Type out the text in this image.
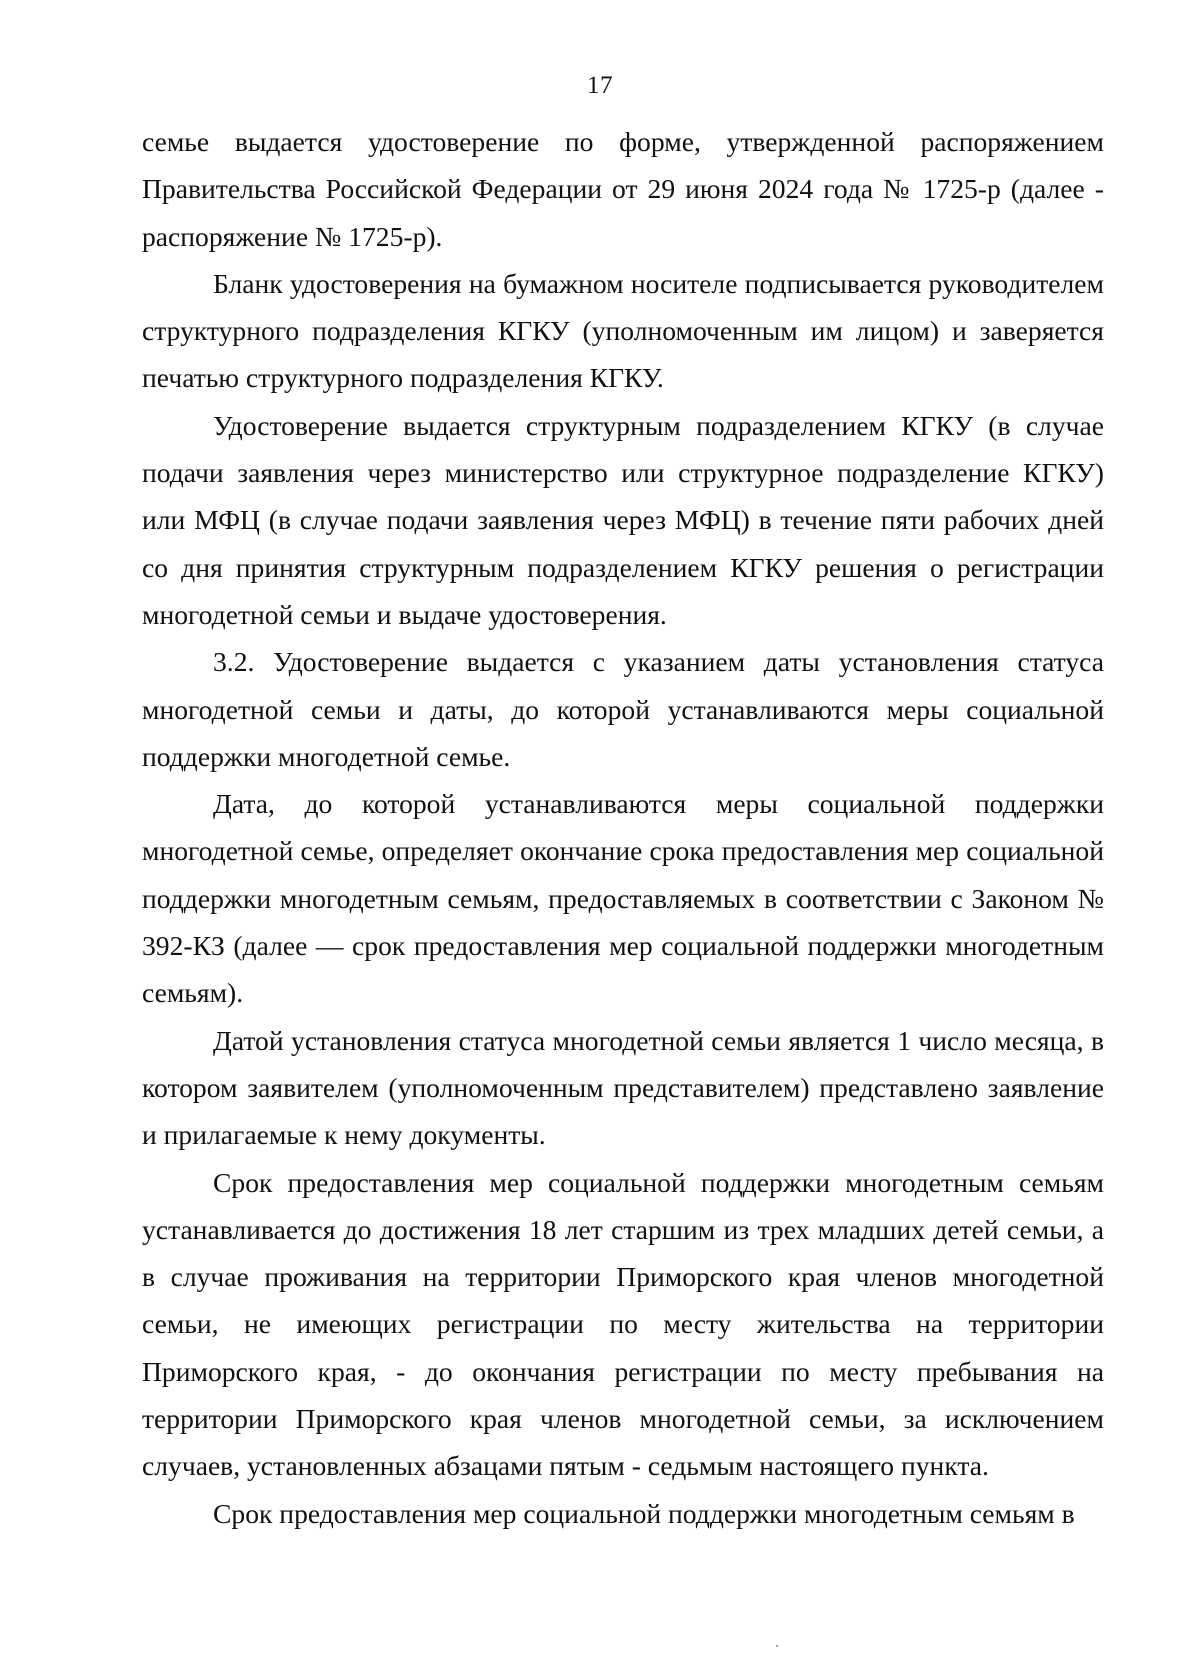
17

семье выдается удостоверение по форме, утвержденной распоряжением Правительства Российской Федерации от 29 июня 2024 года № 1725-р (далее - распоряжение № 1725-р).

Бланк удостоверения на бумажном носителе подписывается руководителем структурного подразделения КГКУ (уполномоченным им лицом) и заверяется печатью структурного подразделения КГКУ.

Удостоверение выдается структурным подразделением КГКУ (в случае подачи заявления через министерство или структурное подразделение КГКУ) или МФЦ (в случае подачи заявления через МФЦ) в течение пяти рабочих дней со дня принятия структурным подразделением КГКУ решения о регистрации многодетной семьи и выдаче удостоверения.

3.2. Удостоверение выдается с указанием даты установления статуса многодетной семьи и даты, до которой устанавливаются меры социальной поддержки многодетной семье.

Дата, до которой устанавливаются меры социальной поддержки многодетной семье, определяет окончание срока предоставления мер социальной поддержки многодетным семьям, предоставляемых в соответствии с Законом № 392-КЗ (далее — срок предоставления мер социальной поддержки многодетным семьям).

Датой установления статуса многодетной семьи является 1 число месяца, в котором заявителем (уполномоченным представителем) представлено заявление и прилагаемые к нему документы.

Срок предоставления мер социальной поддержки многодетным семьям устанавливается до достижения 18 лет старшим из трех младших детей семьи, а в случае проживания на территории Приморского края членов многодетной семьи, не имеющих регистрации по месту жительства на территории Приморского края, - до окончания регистрации по месту пребывания на территории Приморского края членов многодетной семьи, за исключением случаев, установленных абзацами пятым - седьмым настоящего пункта.

Срок предоставления мер социальной поддержки многодетным семьям в
